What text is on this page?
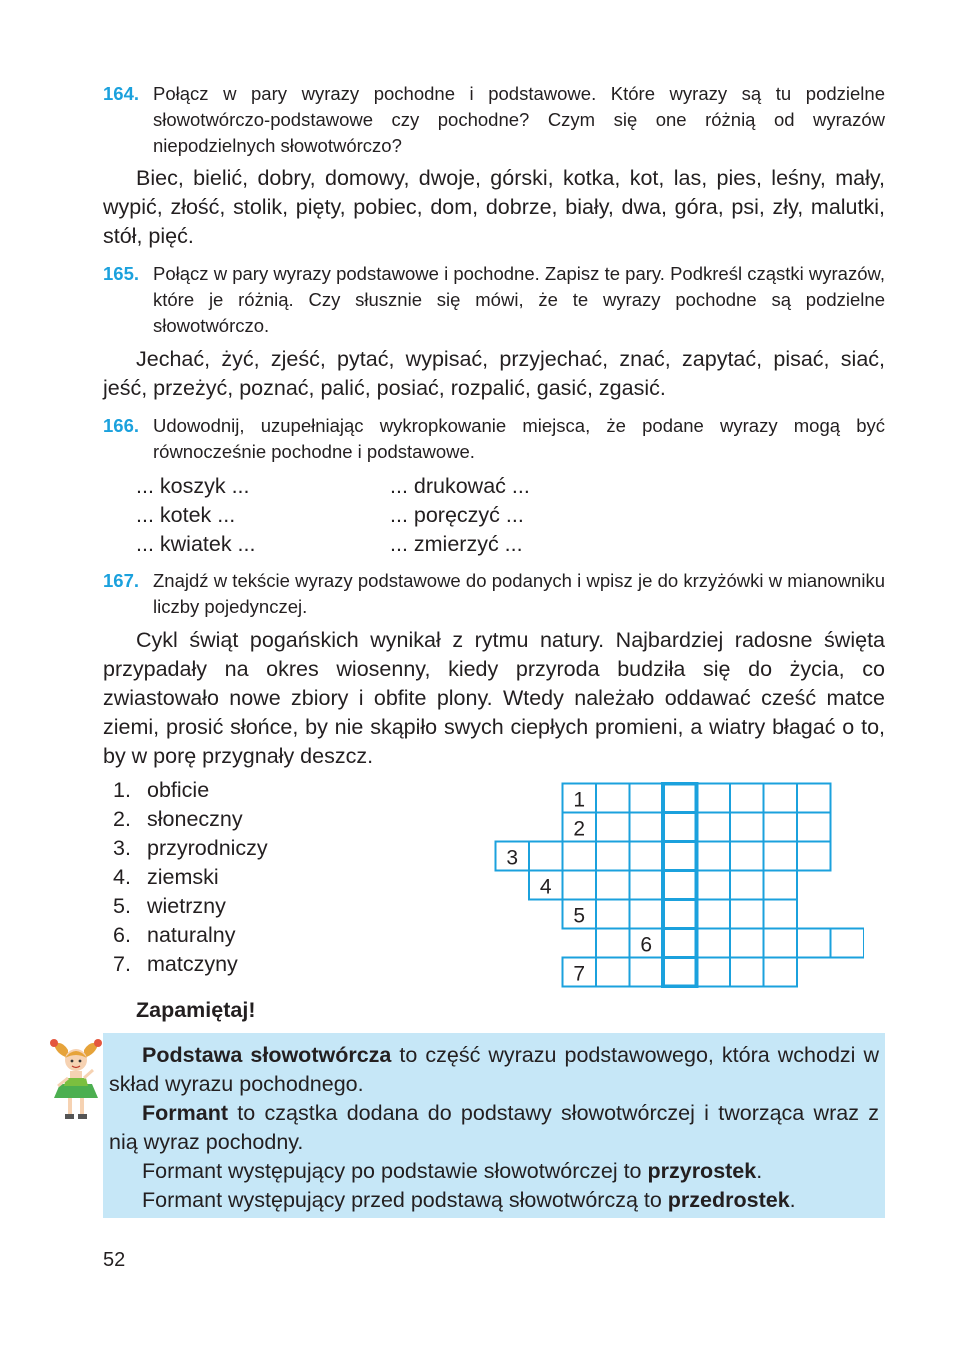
164. Połącz w pary wyrazy pochodne i podstawowe. Które wyrazy są tu podzielne słowotwórczo-podstawowe czy pochodne? Czym się one różnią od wyrazów niepodzielnych słowotwórczo?
Biec, bielić, dobry, domowy, dwoje, górski, kotka, kot, las, pies, leśny, mały, wypić, złość, stolik, pięty, pobiec, dom, dobrze, biały, dwa, góra, psi, zły, malutki, stół, pięć.
165. Połącz w pary wyrazy podstawowe i pochodne. Zapisz te pary. Podkreśl cząstki wyrazów, które je różnią. Czy słusznie się mówi, że te wyrazy pochodne są podzielne słowotwórczo.
Jechać, żyć, zjeść, pytać, wypisać, przyjechać, znać, zapytać, pisać, siać, jeść, przeżyć, poznać, palić, posiać, rozpalić, gasić, zgasić.
166. Udowodnij, uzupełniając wykropkowanie miejsca, że podane wyrazy mogą być równocześnie pochodne i podstawowe.
... koszyk ...
... kotek ...
... kwiatek ...
... drukować ...
... poręczyć ...
... zmierzyć ...
167. Znajdź w tekście wyrazy podstawowe do podanych i wpisz je do krzyżówki w mianowniku liczby pojedynczej.
Cykl świąt pogańskich wynikał z rytmu natury. Najbardziej radosne święta przypadały na okres wiosenny, kiedy przyroda budziła się do życia, co zwiastowało nowe zbiory i obfite plony. Wtedy należało oddawać cześć matce ziemi, prosić słońce, by nie skąpiło swych ciepłych promieni, a wiatry błagać o to, by w porę przygnały deszcz.
1. obficie
2. słoneczny
3. przyrodniczy
4. ziemski
5. wietrzny
6. naturalny
7. matczyny
1
2
3
4
5
6
7
Zapamiętaj!
Podstawa słowotwórcza to część wyrazu podstawowego, która wchodzi w skład wyrazu pochodnego.
Formant to cząstka dodana do podstawy słowotwórczej i tworząca wraz z nią wyraz pochodny.
Formant występujący po podstawie słowotwórczej to przyrostek.
Formant występujący przed podstawą słowotwórczą to przedrostek.
52
